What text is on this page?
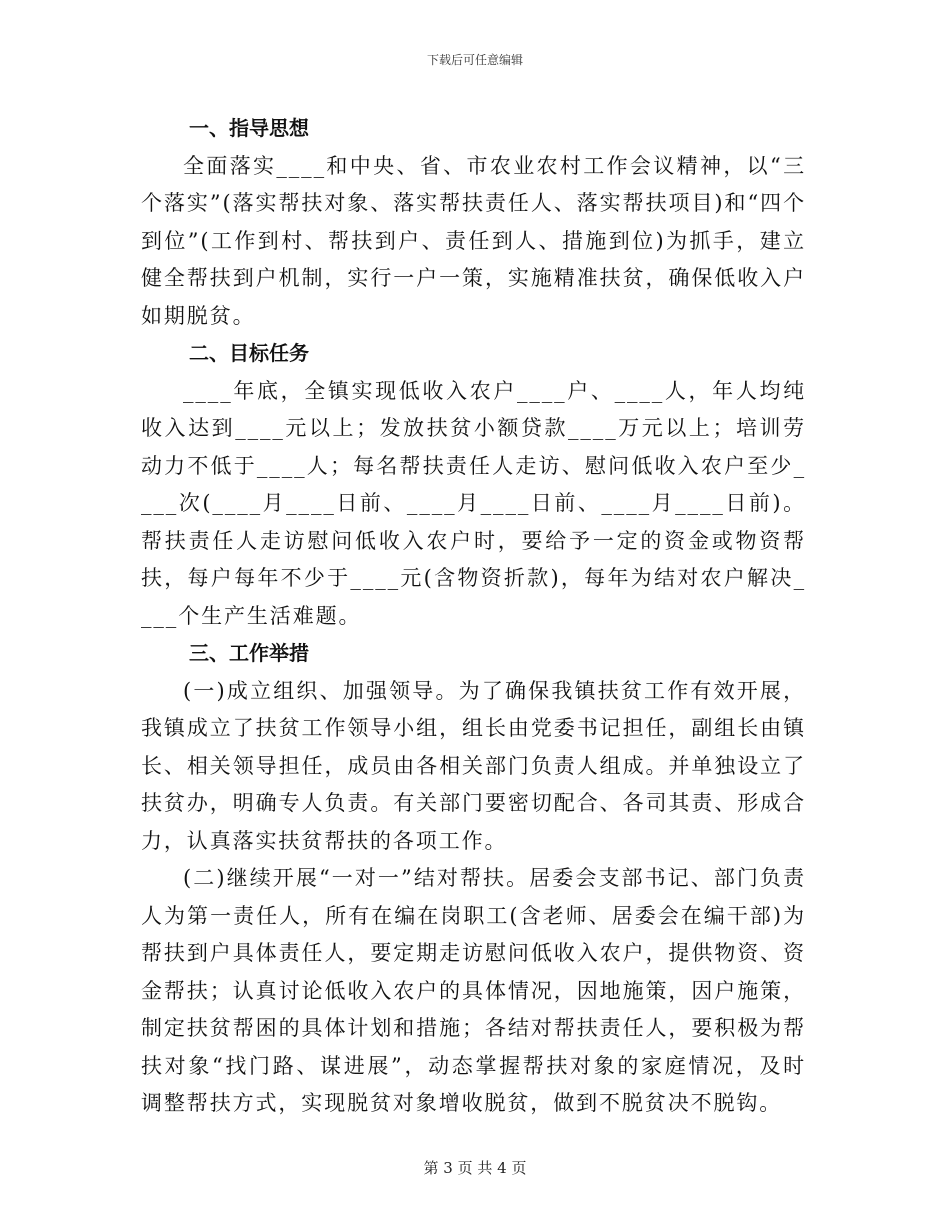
下载后可任意编辑
一、指导思想

全面落实____和中央、省、市农业农村工作会议精神，以“三个落实”(落实帮扶对象、落实帮扶责任人、落实帮扶项目)和“四个到位”(工作到村、帮扶到户、责任到人、措施到位)为抓手，建立健全帮扶到户机制，实行一户一策，实施精准扶贫，确保低收入户如期脱贫。

二、目标任务

____年底，全镇实现低收入农户____户、____人，年人均纯收入达到____元以上；发放扶贫小额贷款____万元以上；培训劳动力不低于____人；每名帮扶责任人走访、慰问低收入农户至少____次(____月____日前、____月____日前、____月____日前)。帮扶责任人走访慰问低收入农户时，要给予一定的资金或物资帮扶，每户每年不少于____元(含物资折款)，每年为结对农户解决____个生产生活难题。

三、工作举措

(一)成立组织、加强领导。为了确保我镇扶贫工作有效开展，我镇成立了扶贫工作领导小组，组长由党委书记担任，副组长由镇长、相关领导担任，成员由各相关部门负责人组成。并单独设立了扶贫办，明确专人负责。有关部门要密切配合、各司其责、形成合力，认真落实扶贫帮扶的各项工作。

(二)继续开展“一对一”结对帮扶。居委会支部书记、部门负责人为第一责任人，所有在编在岗职工(含老师、居委会在编干部)为帮扶到户具体责任人，要定期走访慰问低收入农户，提供物资、资金帮扶；认真讨论低收入农户的具体情况，因地施策，因户施策，制定扶贫帮困的具体计划和措施；各结对帮扶责任人，要积极为帮扶对象“找门路、谋进展”，动态掌握帮扶对象的家庭情况，及时调整帮扶方式，实现脱贫对象增收脱贫，做到不脱贫决不脱钩。

第 3 页 共 4 页
